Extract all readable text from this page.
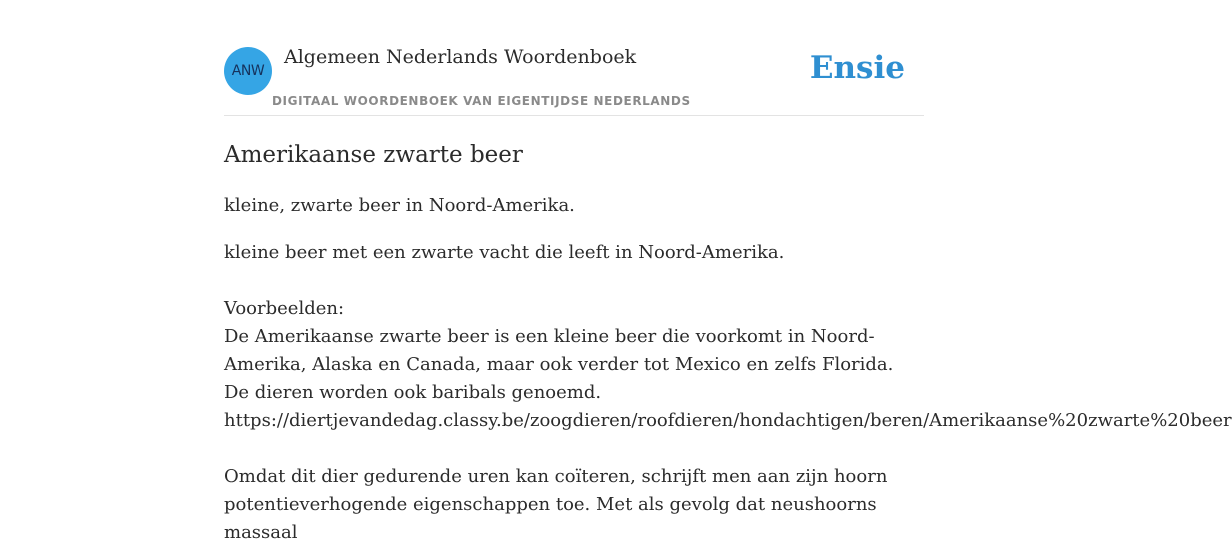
ANW
Algemeen Nederlands Woordenboek
DIGITAAL WOORDENBOEK VAN EIGENTIJDSE NEDERLANDS
Ensie
Amerikaanse zwarte beer

kleine, zwarte beer in Noord-Amerika.

kleine beer met een zwarte vacht die leeft in Noord-Amerika.

Voorbeelden:
De Amerikaanse zwarte beer is een kleine beer die voorkomt in Noord-Amerika, Alaska en Canada, maar ook verder tot Mexico en zelfs Florida. De dieren worden ook baribals genoemd.
https://diertjevandedag.classy.be/zoogdieren/roofdieren/hondachtigen/beren/Amerikaanse%20zwarte%20beer
Omdat dit dier gedurende uren kan coïteren, schrijft men aan zijn hoorn potentieverhogende eigenschappen toe. Met als gevolg dat neushoorns massaal
